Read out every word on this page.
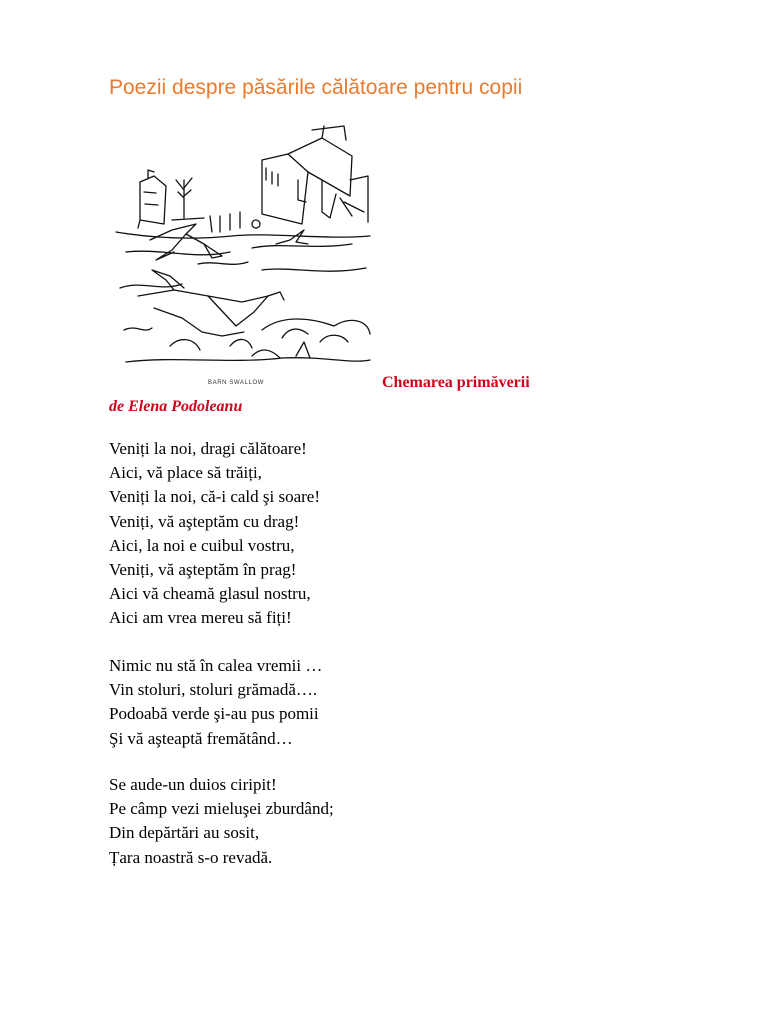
Poezii despre păsările călătoare pentru copii
BARN SWALLOW	Chemarea primăverii
de Elena Podoleanu
Veniți la noi, dragi călătoare!
Aici, vă place să trăiți,
Veniți la noi, că-i cald şi soare!
Veniți, vă aşteptăm cu drag!
Aici, la noi e cuibul vostru,
Veniți, vă aşteptăm în prag!
Aici vă cheamă glasul nostru,
Aici am vrea mereu să fiți!
Nimic nu stă în calea vremii …
Vin stoluri, stoluri grămadă….
Podoabă verde şi-au pus pomii
Şi vă aşteaptă fremătând…
Se aude-un duios ciripit!
Pe câmp vezi mieluşei zburdând;
Din depărtări au sosit,
Țara noastră s-o revadă.
